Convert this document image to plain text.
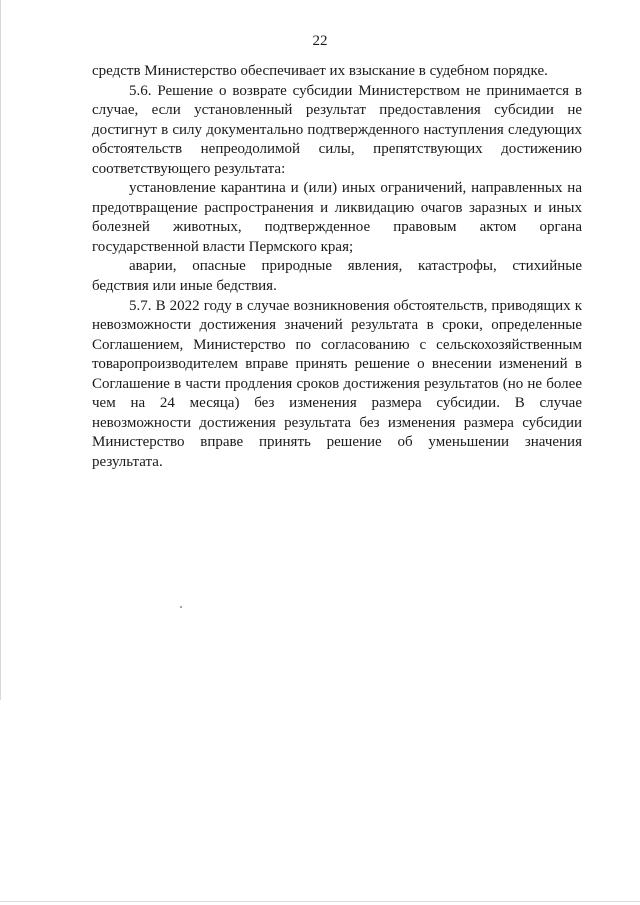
22

средств Министерство обеспечивает их взыскание в судебном порядке.

5.6. Решение о возврате субсидии Министерством не принимается в случае, если установленный результат предоставления субсидии не достигнут в силу документально подтвержденного наступления следующих обстоятельств непреодолимой силы, препятствующих достижению соответствующего результата:

установление карантина и (или) иных ограничений, направленных на предотвращение распространения и ликвидацию очагов заразных и иных болезней животных, подтвержденное правовым актом органа государственной власти Пермского края;

аварии, опасные природные явления, катастрофы, стихийные бедствия или иные бедствия.

5.7. В 2022 году в случае возникновения обстоятельств, приводящих к невозможности достижения значений результата в сроки, определенные Соглашением, Министерство по согласованию с сельскохозяйственным товаропроизводителем вправе принять решение о внесении изменений в Соглашение в части продления сроков достижения результатов (но не более чем на 24 месяца) без изменения размера субсидии. В случае невозможности достижения результата без изменения размера субсидии Министерство вправе принять решение об уменьшении значения результата.
